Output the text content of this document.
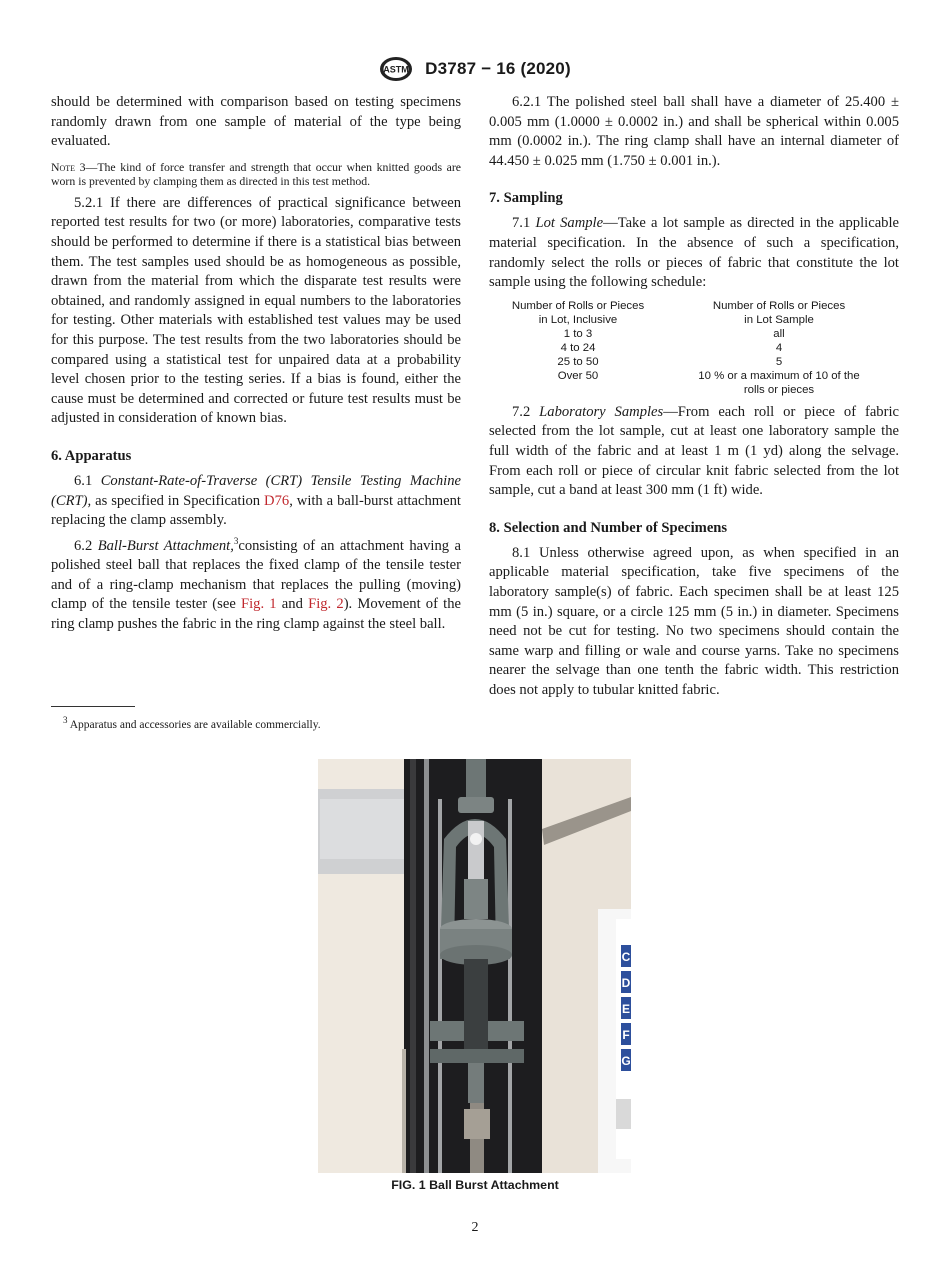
ASTM D3787 − 16 (2020)

should be determined with comparison based on testing specimens randomly drawn from one sample of material of the type being evaluated.

Note 3—The kind of force transfer and strength that occur when knitted goods are worn is prevented by clamping them as directed in this test method.

5.2.1 If there are differences of practical significance between reported test results for two (or more) laboratories, comparative tests should be performed to determine if there is a statistical bias between them. The test samples used should be as homogeneous as possible, drawn from the material from which the disparate test results were obtained, and randomly assigned in equal numbers to the laboratories for testing. Other materials with established test values may be used for this purpose. The test results from the two laboratories should be compared using a statistical test for unpaired data at a probability level chosen prior to the testing series. If a bias is found, either the cause must be determined and corrected or future test results must be adjusted in consideration of known bias.

6. Apparatus

6.1 Constant-Rate-of-Traverse (CRT) Tensile Testing Machine (CRT), as specified in Specification D76, with a ball-burst attachment replacing the clamp assembly.

6.2 Ball-Burst Attachment,$^3$consisting of an attachment having a polished steel ball that replaces the fixed clamp of the tensile tester and of a ring-clamp mechanism that replaces the pulling (moving) clamp of the tensile tester (see Fig. 1 and Fig. 2). Movement of the ring clamp pushes the fabric in the ring clamp against the steel ball.

$^3$ Apparatus and accessories are available commercially.

6.2.1 The polished steel ball shall have a diameter of 25.400 ± 0.005 mm (1.0000 ± 0.0002 in.) and shall be spherical within 0.005 mm (0.0002 in.). The ring clamp shall have an internal diameter of 44.450 ± 0.025 mm (1.750 ± 0.001 in.).

7. Sampling

7.1 Lot Sample—Take a lot sample as directed in the applicable material specification. In the absence of such a specification, randomly select the rolls or pieces of fabric that constitute the lot sample using the following schedule:

Number of Rolls or Pieces	Number of Rolls or Pieces
in Lot, Inclusive	in Lot Sample
1 to 3	all
4 to 24	4
25 to 50	5
Over 50	10 % or a maximum of 10 of the
	rolls or pieces

7.2 Laboratory Samples—From each roll or piece of fabric selected from the lot sample, cut at least one laboratory sample the full width of the fabric and at least 1 m (1 yd) along the selvage. From each roll or piece of circular knit fabric selected from the lot sample, cut a band at least 300 mm (1 ft) wide.

8. Selection and Number of Specimens

8.1 Unless otherwise agreed upon, as when specified in an applicable material specification, take five specimens of the laboratory sample(s) of fabric. Each specimen shall be at least 125 mm (5 in.) square, or a circle 125 mm (5 in.) in diameter. Specimens need not be cut for testing. No two specimens should contain the same warp and filling or wale and course yarns. Take no specimens nearer the selvage than one tenth the fabric width. This restriction does not apply to tubular knitted fabric.

C
D
E
F
G
FIG. 1 Ball Burst Attachment
2
